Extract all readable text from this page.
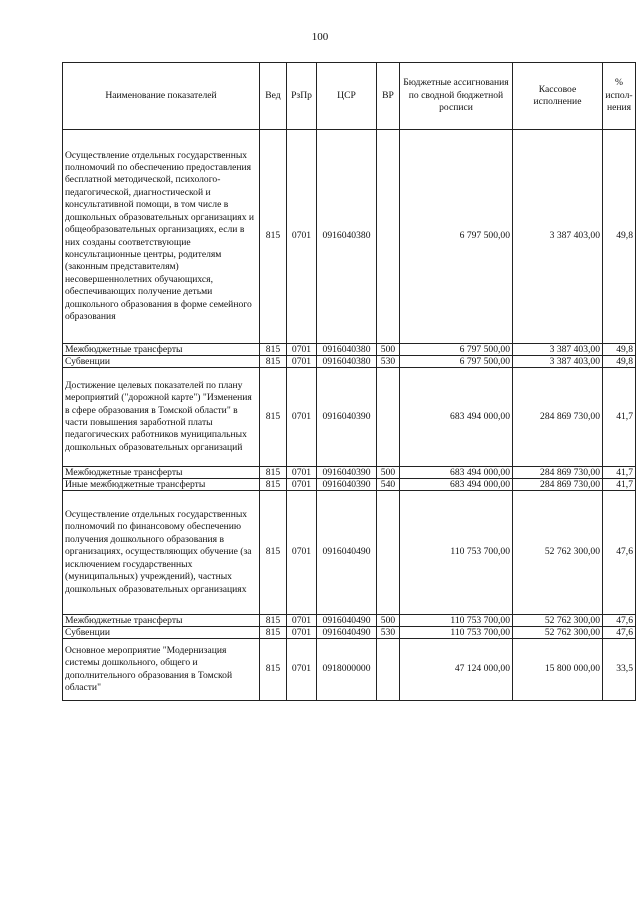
100
Наименование показателей	Вед	РзПр	ЦСР	ВР	Бюджетные ассигнования по сводной бюджетной росписи	Кассовое исполнение	% испол-нения
Осуществление отдельных государственных полномочий по обеспечению предоставления бесплатной методической, психолого-педагогической, диагностической и консультативной помощи, в том числе в дошкольных образовательных организациях и общеобразовательных организациях, если в них созданы соответствующие консультационные центры, родителям (законным представителям) несовершеннолетних обучающихся, обеспечивающих получение детьми дошкольного образования в форме семейного образования	815	0701	0916040380		6 797 500,00	3 387 403,00	49,8
Межбюджетные трансферты	815	0701	0916040380	500	6 797 500,00	3 387 403,00	49,8
Субвенции	815	0701	0916040380	530	6 797 500,00	3 387 403,00	49,8
Достижение целевых показателей по плану мероприятий ("дорожной карте") "Изменения в сфере образования в Томской области" в части повышения заработной платы педагогических работников муниципальных дошкольных образовательных организаций	815	0701	0916040390		683 494 000,00	284 869 730,00	41,7
Межбюджетные трансферты	815	0701	0916040390	500	683 494 000,00	284 869 730,00	41,7
Иные межбюджетные трансферты	815	0701	0916040390	540	683 494 000,00	284 869 730,00	41,7
Осуществление отдельных государственных полномочий по финансовому обеспечению получения дошкольного образования в организациях, осуществляющих обучение (за исключением государственных (муниципальных) учреждений), частных дошкольных образовательных организациях	815	0701	0916040490		110 753 700,00	52 762 300,00	47,6
Межбюджетные трансферты	815	0701	0916040490	500	110 753 700,00	52 762 300,00	47,6
Субвенции	815	0701	0916040490	530	110 753 700,00	52 762 300,00	47,6
Основное мероприятие "Модернизация системы дошкольного, общего и дополнительного образования в Томской области"	815	0701	0918000000		47 124 000,00	15 800 000,00	33,5
